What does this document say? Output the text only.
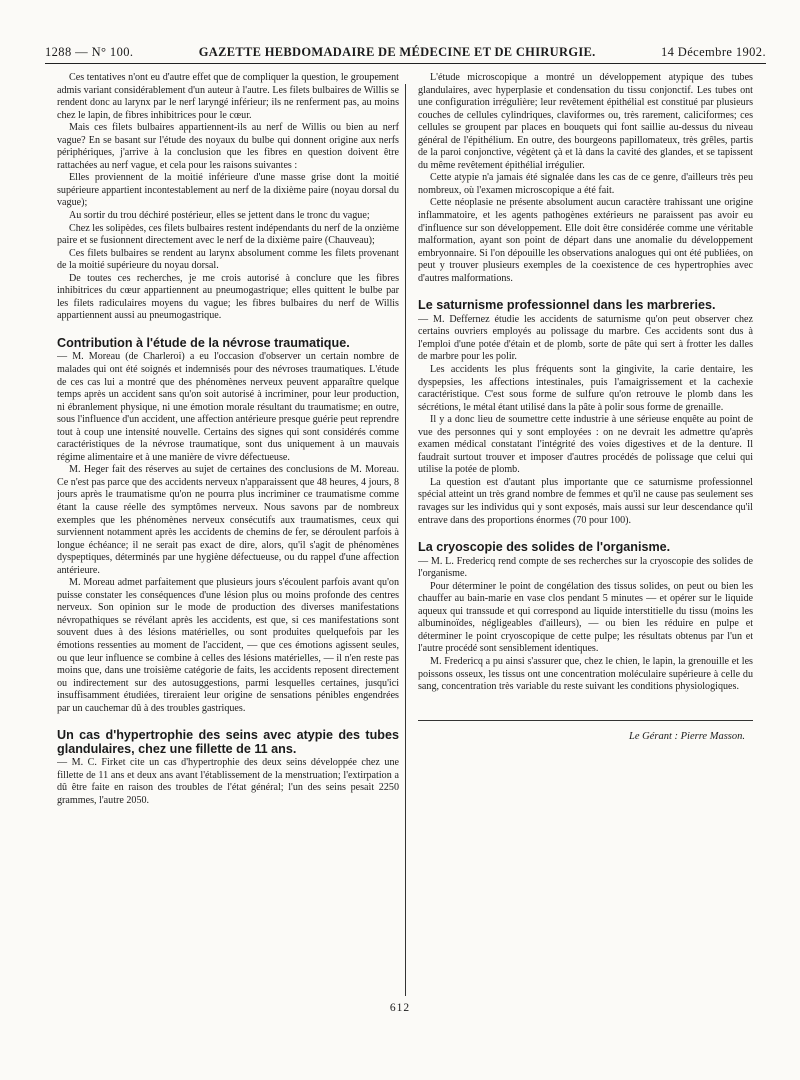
1288 — N° 100.	GAZETTE HEBDOMADAIRE DE MÉDECINE ET DE CHIRURGIE.	14 Décembre 1902.

Ces tentatives n'ont eu d'autre effet que de compliquer la question, le groupement admis variant considérablement d'un auteur à l'autre. Les filets bulbaires de Willis se rendent donc au larynx par le nerf laryngé inférieur; ils ne renferment pas, au moins chez le lapin, de fibres inhibitrices pour le cœur.

Mais ces filets bulbaires appartiennent-ils au nerf de Willis ou bien au nerf vague? En se basant sur l'étude des noyaux du bulbe qui donnent origine aux nerfs périphériques, j'arrive à la conclusion que les fibres en question doivent être rattachées au nerf vague, et cela pour les raisons suivantes :

Elles proviennent de la moitié inférieure d'une masse grise dont la moitié supérieure appartient incontestablement au nerf de la dixième paire (noyau dorsal du vague);

Au sortir du trou déchiré postérieur, elles se jettent dans le tronc du vague;

Chez les solipèdes, ces filets bulbaires restent indépendants du nerf de la onzième paire et se fusionnent directement avec le nerf de la dixième paire (Chauveau);

Ces filets bulbaires se rendent au larynx absolument comme les filets provenant de la moitié supérieure du noyau dorsal.

De toutes ces recherches, je me crois autorisé à conclure que les fibres inhibitrices du cœur appartiennent au pneumogastrique; elles quittent le bulbe par les filets radiculaires moyens du vague; les fibres bulbaires du nerf de Willis appartiennent aussi au pneumogastrique.

Contribution à l'étude de la névrose traumatique.

— M. Moreau (de Charleroi) a eu l'occasion d'observer un certain nombre de malades qui ont été soignés et indemnisés pour des névroses traumatiques. L'étude de ces cas lui a montré que des phénomènes nerveux peuvent apparaître quelque temps après un accident sans qu'on soit autorisé à incriminer, pour leur production, ni ébranlement physique, ni une émotion morale résultant du traumatisme; en outre, sous l'influence d'un accident, une affection antérieure presque guérie peut reprendre tout à coup une intensité nouvelle. Certains des signes qui sont considérés comme caractéristiques de la névrose traumatique, sont dus uniquement à un mauvais régime alimentaire et à une manière de vivre défectueuse.

M. Heger fait des réserves au sujet de certaines des conclusions de M. Moreau. Ce n'est pas parce que des accidents nerveux n'apparaissent que 48 heures, 4 jours, 8 jours après le traumatisme qu'on ne pourra plus incriminer ce traumatisme comme étant la cause réelle des symptômes nerveux. Nous savons par de nombreux exemples que les phénomènes nerveux consécutifs aux traumatismes, ceux qui surviennent notamment après les accidents de chemins de fer, se déroulent parfois à longue échéance; il ne serait pas exact de dire, alors, qu'il s'agit de phénomènes dyspeptiques, déterminés par une hygiène défectueuse, ou du rappel d'une affection antérieure.

M. Moreau admet parfaitement que plusieurs jours s'écoulent parfois avant qu'on puisse constater les conséquences d'une lésion plus ou moins profonde des centres nerveux. Son opinion sur le mode de production des diverses manifestations névropathiques se révélant après les accidents, est que, si ces manifestations sont souvent dues à des lésions matérielles, ou sont produites quelquefois par les émotions ressenties au moment de l'accident, — que ces émotions agissent seules, ou que leur influence se combine à celles des lésions matérielles, — il n'en reste pas moins que, dans une troisième catégorie de faits, les accidents reposent directement ou indirectement sur des autosuggestions, parmi lesquelles certaines, jusqu'ici insuffisamment étudiées, tireraient leur origine de sensations pénibles engendrées par un cauchemar dû à des troubles gastriques.

Un cas d'hypertrophie des seins avec atypie des tubes glandulaires, chez une fillette de 11 ans.

— M. C. Firket cite un cas d'hypertrophie des deux seins développée chez une fillette de 11 ans et deux ans avant l'établissement de la menstruation; l'extirpation a dû être faite en raison des troubles de l'état général; l'un des seins pesait 2250 grammes, l'autre 2050.

L'étude microscopique a montré un développement atypique des tubes glandulaires, avec hyperplasie et condensation du tissu conjonctif. Les tubes ont une configuration irrégulière; leur revêtement épithélial est constitué par plusieurs couches de cellules cylindriques, claviformes ou, très rarement, caliciformes; ces cellules se groupent par places en bouquets qui font saillie au-dessus du niveau général de l'épithélium. En outre, des bourgeons papillomateux, très grêles, partis de la paroi conjonctive, végètent çà et là dans la cavité des glandes, et se tapissent du même revêtement épithélial irrégulier.

Cette atypie n'a jamais été signalée dans les cas de ce genre, d'ailleurs très peu nombreux, où l'examen microscopique a été fait.

Cette néoplasie ne présente absolument aucun caractère trahissant une origine inflammatoire, et les agents pathogènes extérieurs ne paraissent pas avoir eu d'influence sur son développement. Elle doit être considérée comme une véritable malformation, ayant son point de départ dans une anomalie du développement embryonnaire. Si l'on dépouille les observations analogues qui ont été publiées, on peut y trouver plusieurs exemples de la coexistence de ces hypertrophies avec d'autres malformations.

Le saturnisme professionnel dans les marbreries.

— M. Deffernez étudie les accidents de saturnisme qu'on peut observer chez certains ouvriers employés au polissage du marbre. Ces accidents sont dus à l'emploi d'une potée d'étain et de plomb, sorte de pâte qui sert à frotter les dalles de marbre pour les polir.

Les accidents les plus fréquents sont la gingivite, la carie dentaire, les dyspepsies, les affections intestinales, puis l'amaigrissement et la cachexie caractéristique. C'est sous forme de sulfure qu'on retrouve le plomb dans les sécrétions, le métal étant utilisé dans la pâte à polir sous forme de grenaille.

Il y a donc lieu de soumettre cette industrie à une sérieuse enquête au point de vue des personnes qui y sont employées : on ne devrait les admettre qu'après examen médical constatant l'intégrité des voies digestives et de la denture. Il faudrait surtout trouver et imposer d'autres procédés de polissage que celui qui utilise la potée de plomb.

La question est d'autant plus importante que ce saturnisme professionnel spécial atteint un très grand nombre de femmes et qu'il ne cause pas seulement ses ravages sur les individus qui y sont exposés, mais aussi sur leur descendance qu'il entrave dans des proportions énormes (70 pour 100).

La cryoscopie des solides de l'organisme.

— M. L. Fredericq rend compte de ses recherches sur la cryoscopie des solides de l'organisme.

Pour déterminer le point de congélation des tissus solides, on peut ou bien les chauffer au bain-marie en vase clos pendant 5 minutes — et opérer sur le liquide aqueux qui transsude et qui correspond au liquide interstitielle du tissu (moins les albuminoïdes, négligeables d'ailleurs), — ou bien les réduire en pulpe et déterminer le point cryoscopique de cette pulpe; les résultats obtenus par l'un et l'autre procédé sont sensiblement identiques.

M. Fredericq a pu ainsi s'assurer que, chez le chien, le lapin, la grenouille et les poissons osseux, les tissus ont une concentration moléculaire supérieure à celle du sang, concentration très variable du reste suivant les conditions physiologiques.

Le Gérant : Pierre Masson.
612
